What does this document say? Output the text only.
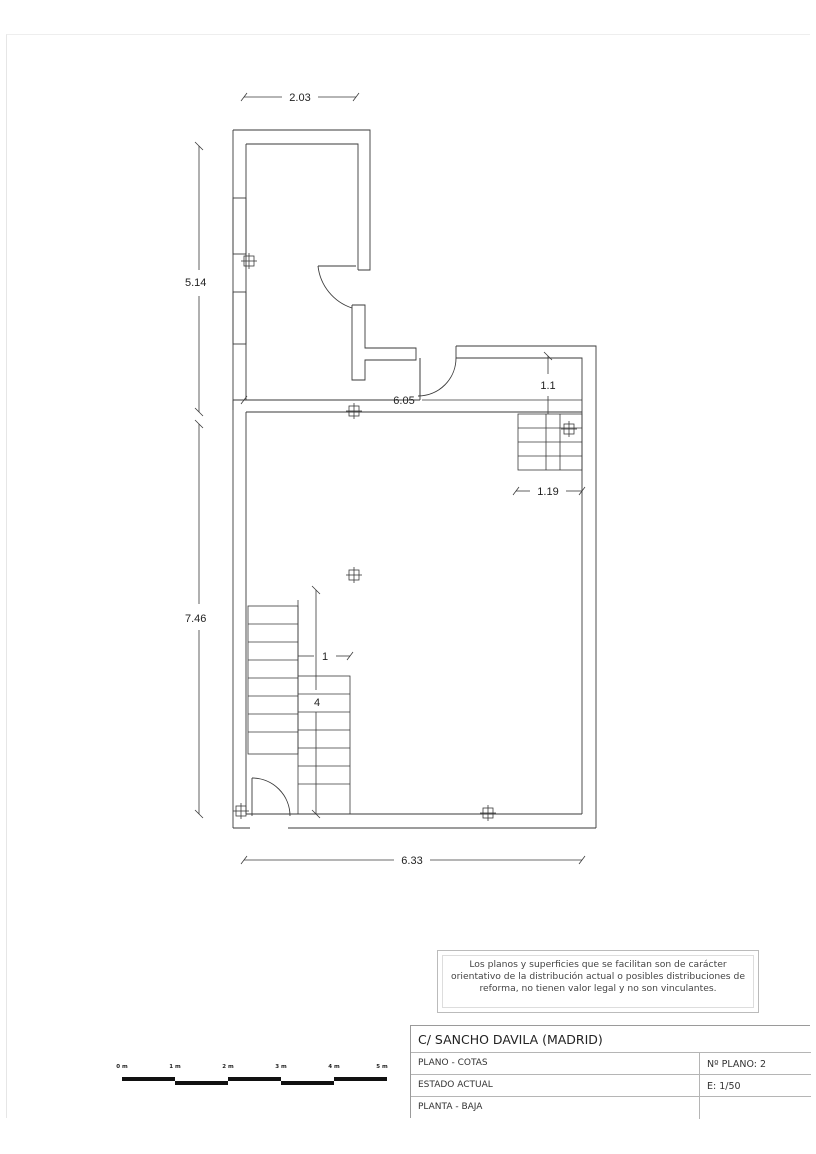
2.03
5.14
6.05
1.1
1.19
7.46
1
4
6.33
0 m	1 m	2 m	3 m	4 m	5 m

Los planos y superficies que se facilitan son de carácter orientativo de la distribución actual o posibles distribuciones de reforma, no tienen valor legal y no son vinculantes.

C/ SANCHO DAVILA (MADRID)
PLANO - COTAS	Nº PLANO: 2
ESTADO ACTUAL	E: 1/50
PLANTA - BAJA
